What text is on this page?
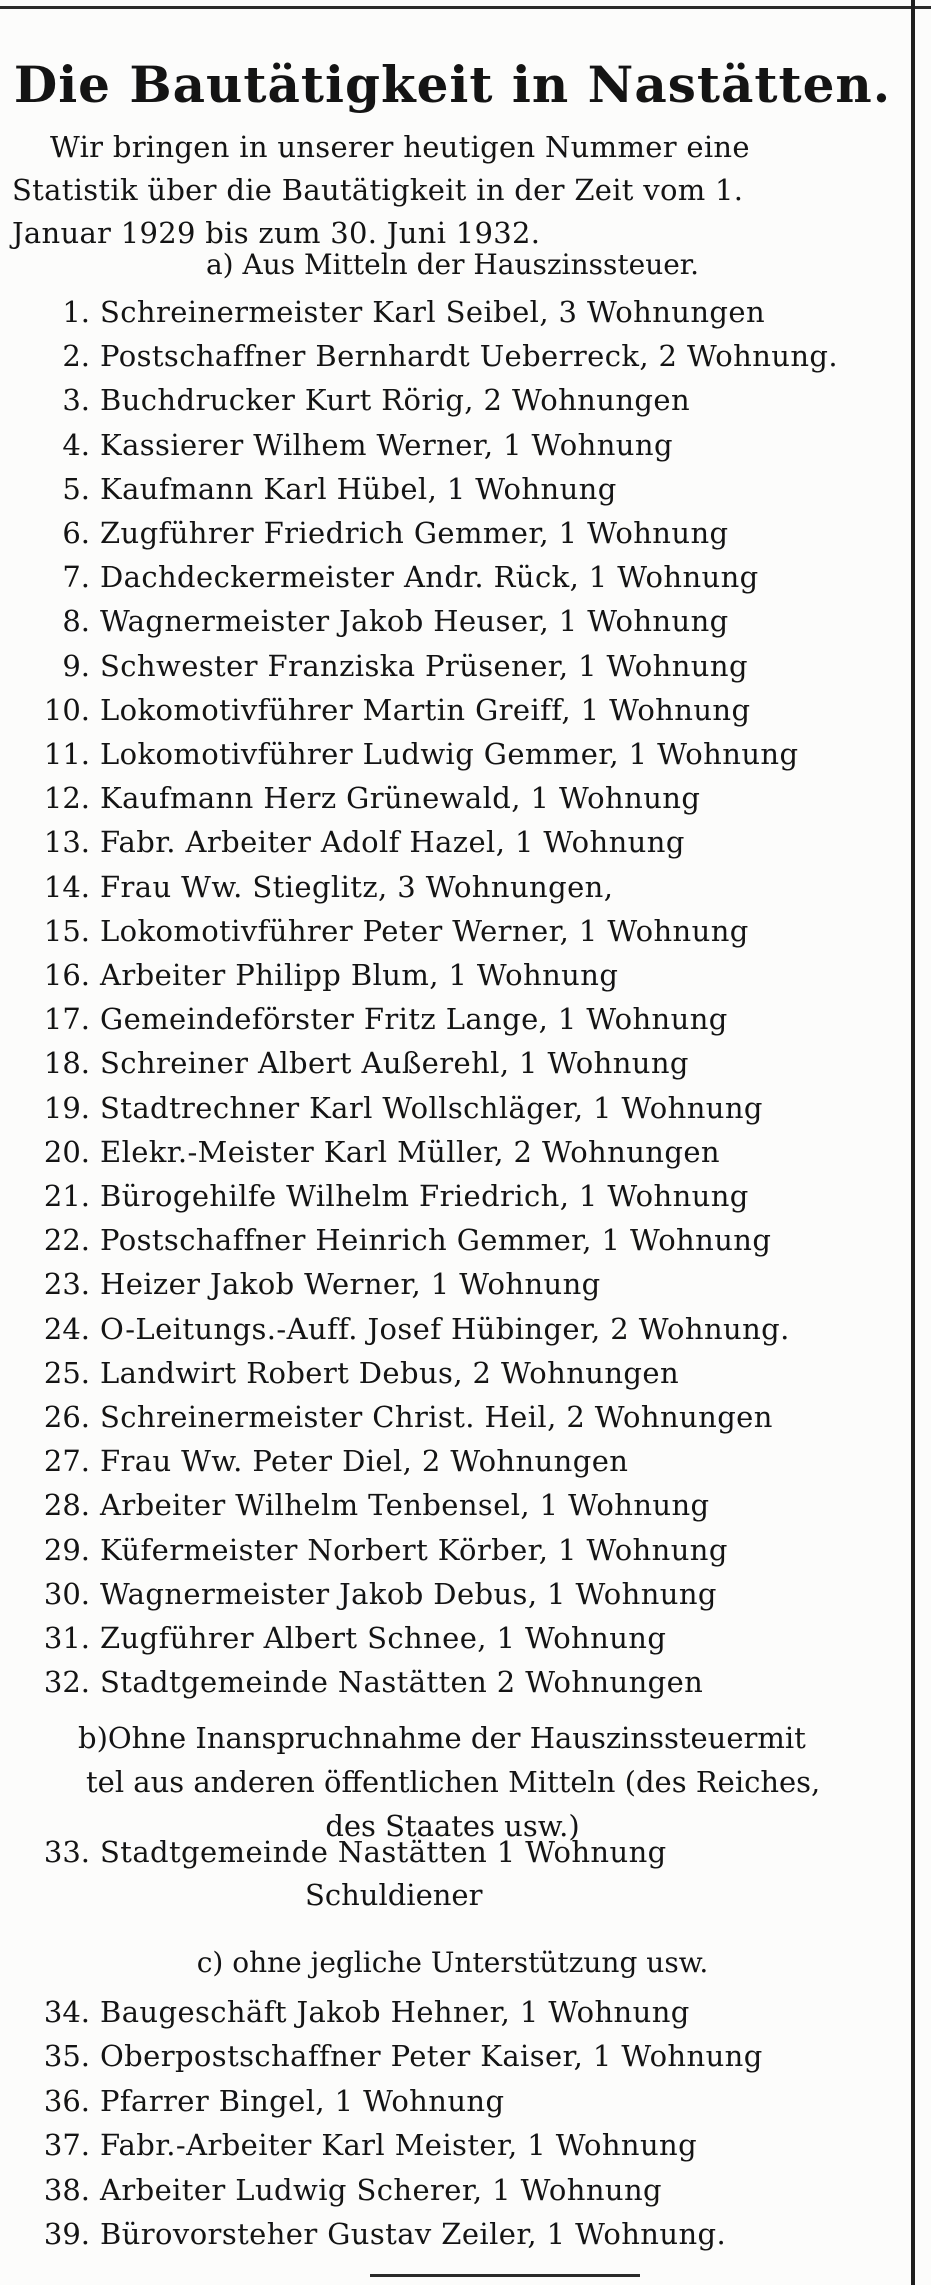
Die Bautätigkeit in Nastätten.
Wir bringen in unserer heutigen Nummer eine
Statistik über die Bautätigkeit in der Zeit vom 1.
Januar 1929 bis zum 30. Juni 1932.
a) Aus Mitteln der Hauszinssteuer.
1. Schreinermeister Karl Seibel, 3 Wohnungen
2. Postschaffner Bernhardt Ueberreck, 2 Wohnung.
3. Buchdrucker Kurt Rörig, 2 Wohnungen
4. Kassierer Wilhem Werner, 1 Wohnung
5. Kaufmann Karl Hübel, 1 Wohnung
6. Zugführer Friedrich Gemmer, 1 Wohnung
7. Dachdeckermeister Andr. Rück, 1 Wohnung
8. Wagnermeister Jakob Heuser, 1 Wohnung
9. Schwester Franziska Prüsener, 1 Wohnung
10. Lokomotivführer Martin Greiff, 1 Wohnung
11. Lokomotivführer Ludwig Gemmer, 1 Wohnung
12. Kaufmann Herz Grünewald, 1 Wohnung
13. Fabr. Arbeiter Adolf Hazel, 1 Wohnung
14. Frau Ww. Stieglitz, 3 Wohnungen,
15. Lokomotivführer Peter Werner, 1 Wohnung
16. Arbeiter Philipp Blum, 1 Wohnung
17. Gemeindeförster Fritz Lange, 1 Wohnung
18. Schreiner Albert Außerehl, 1 Wohnung
19. Stadtrechner Karl Wollschläger, 1 Wohnung
20. Elekr.-Meister Karl Müller, 2 Wohnungen
21. Bürogehilfe Wilhelm Friedrich, 1 Wohnung
22. Postschaffner Heinrich Gemmer, 1 Wohnung
23. Heizer Jakob Werner, 1 Wohnung
24. O-Leitungs.-Auff. Josef Hübinger, 2 Wohnung.
25. Landwirt Robert Debus, 2 Wohnungen
26. Schreinermeister Christ. Heil, 2 Wohnungen
27. Frau Ww. Peter Diel, 2 Wohnungen
28. Arbeiter Wilhelm Tenbensel, 1 Wohnung
29. Küfermeister Norbert Körber, 1 Wohnung
30. Wagnermeister Jakob Debus, 1 Wohnung
31. Zugführer Albert Schnee, 1 Wohnung
32. Stadtgemeinde Nastätten 2 Wohnungen
33. Stadtgemeinde Nastätten 1 Wohnung
34. Baugeschäft Jakob Hehner, 1 Wohnung
35. Oberpostschaffner Peter Kaiser, 1 Wohnung
36. Pfarrer Bingel, 1 Wohnung
37. Fabr.-Arbeiter Karl Meister, 1 Wohnung
38. Arbeiter Ludwig Scherer, 1 Wohnung
39. Bürovorsteher Gustav Zeiler, 1 Wohnung.
b)Ohne Inanspruchnahme der Hauszinssteuermit
tel aus anderen öffentlichen Mitteln (des Reiches,
des Staates usw.)
Schuldiener
c) ohne jegliche Unterstützung usw.
